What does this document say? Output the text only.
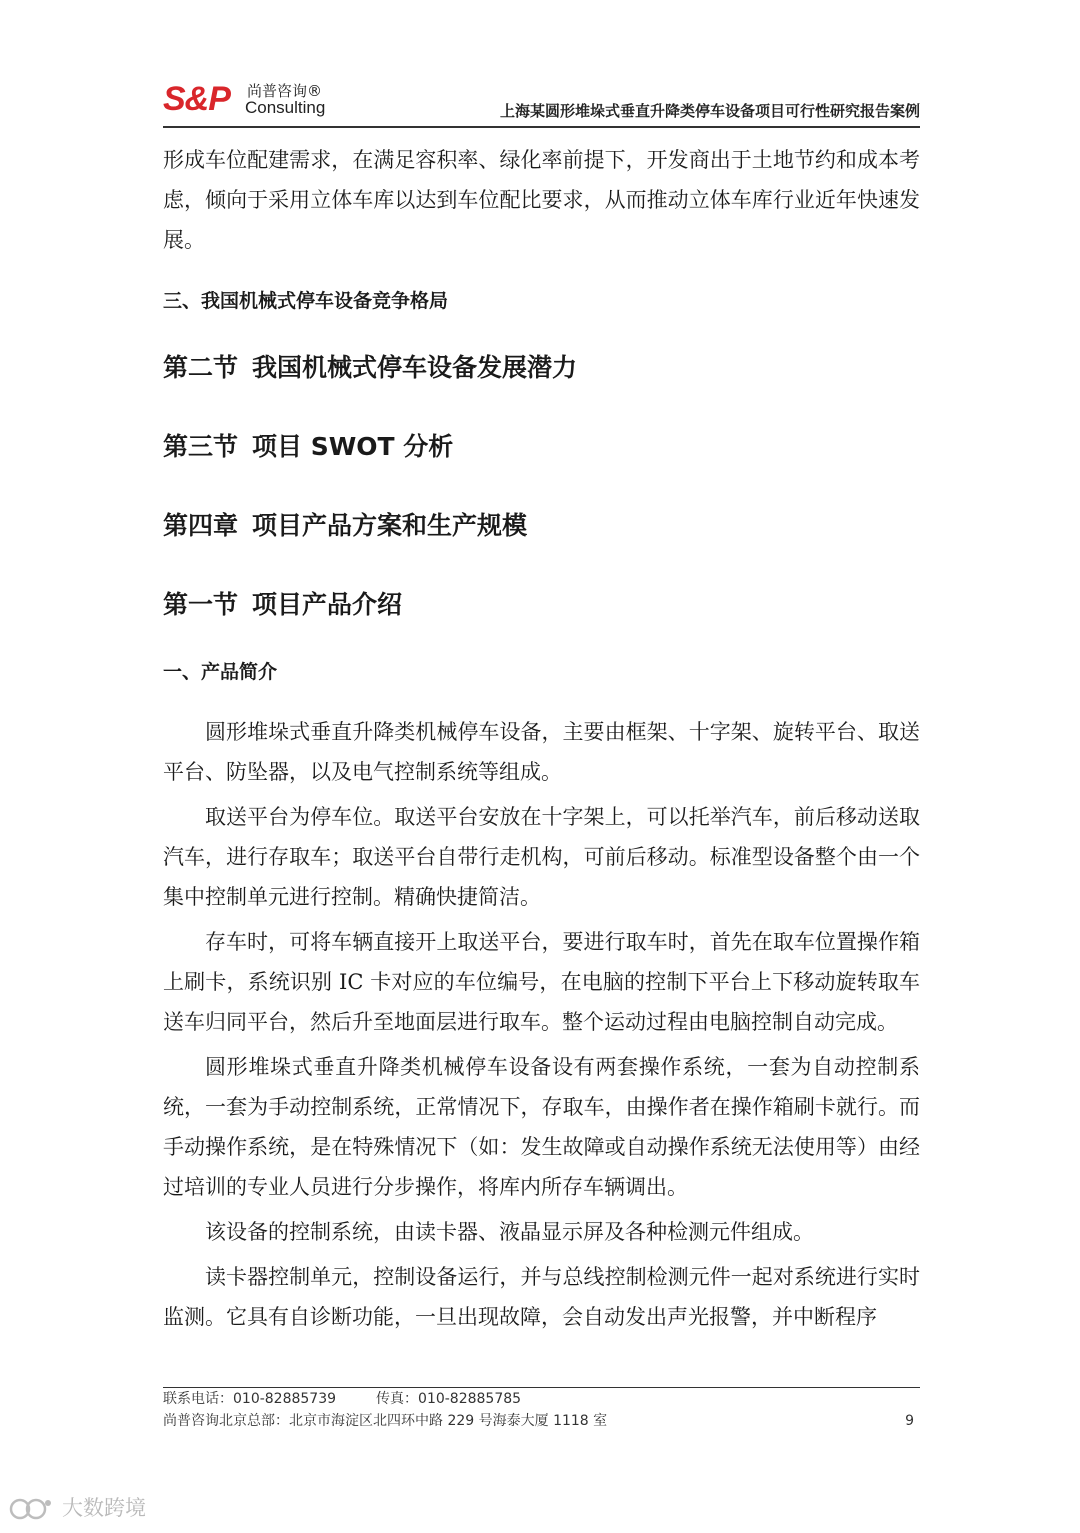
S&P 尚普咨询®
Consulting	上海某圆形堆垛式垂直升降类停车设备项目可行性研究报告案例

形成车位配建需求，在满足容积率、绿化率前提下，开发商出于土地节约和成本考虑，倾向于采用立体车库以达到车位配比要求，从而推动立体车库行业近年快速发展。

三、我国机械式停车设备竞争格局

第二节 我国机械式停车设备发展潜力

第三节 项目 SWOT 分析

第四章 项目产品方案和生产规模

第一节 项目产品介绍

一、产品简介

圆形堆垛式垂直升降类机械停车设备，主要由框架、十字架、旋转平台、取送平台、防坠器，以及电气控制系统等组成。

取送平台为停车位。取送平台安放在十字架上，可以托举汽车，前后移动送取汽车，进行存取车；取送平台自带行走机构，可前后移动。标准型设备整个由一个集中控制单元进行控制。精确快捷简洁。

存车时，可将车辆直接开上取送平台，要进行取车时，首先在取车位置操作箱上刷卡，系统识别 IC 卡对应的车位编号，在电脑的控制下平台上下移动旋转取车送车归同平台，然后升至地面层进行取车。整个运动过程由电脑控制自动完成。

圆形堆垛式垂直升降类机械停车设备设有两套操作系统，一套为自动控制系统，一套为手动控制系统，正常情况下，存取车，由操作者在操作箱刷卡就行。而手动操作系统，是在特殊情况下（如：发生故障或自动操作系统无法使用等）由经过培训的专业人员进行分步操作，将库内所存车辆调出。

该设备的控制系统，由读卡器、液晶显示屏及各种检测元件组成。

读卡器控制单元，控制设备运行，并与总线控制检测元件一起对系统进行实时监测。它具有自诊断功能，一旦出现故障，会自动发出声光报警，并中断程序

联系电话：010-82885739	传真：010-82885785
尚普咨询北京总部：北京市海淀区北四环中路 229 号海泰大厦 1118 室	9
大数跨境
